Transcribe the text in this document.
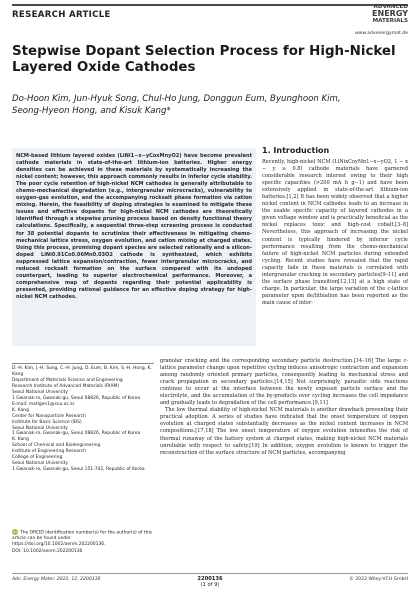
RESEARCH ARTICLE
ADVANCED
ENERGY
MATERIALS
www.advenergymat.de
Stepwise Dopant Selection Process for High-Nickel Layered Oxide Cathodes
Do-Hoon Kim, Jun-Hyuk Song, Chul-Ho Jung, Donggun Eum, Byunghoon Kim, Seong-Hyeon Hong, and Kisuk Kang*
NCM-based lithium layered oxides (LiNi1−x−yCoxMnyO2) have become prevalent cathode materials in state-of-the-art lithium-ion batteries. Higher energy densities can be achieved in these materials by systematically increasing the nickel content; however, this approach commonly results in inferior cycle stability. The poor cycle retention of high-nickel NCM cathodes is generally attributable to chemo-mechanical degradation (e.g., intergranular microcracks), vulnerability to oxygen-gas evolution, and the accompanying rocksalt phase formation via cation mixing. Herein, the feasibility of doping strategies is examined to mitigate these issues and effective dopants for high-nickel NCM cathodes are theoretically identified through a stepwise pruning process based on density functional theory calculations. Specifically, a sequential three-step screening process is conducted for 38 potential dopants to scrutinize their effectiveness in mitigating chemo-mechanical lattice stress, oxygen evolution, and cation mixing at charged states. Using this process, promising dopant species are selected rationally and a silicon-doped LiNi0.91Co0.06Mn0.03O2 cathode is synthesized, which exhibits suppressed lattice expansion/contraction, fewer intergranular microcracks, and reduced rocksalt formation on the surface compared with its undoped counterpart, leading to superior electrochemical performance. Moreover, a comprehensive map of dopants regarding their potential applicability is presented, providing rational guidance for an effective doping strategy for high-nickel NCM cathodes.
1. Introduction
Recently, high-nickel NCM (LiNixCoyMn1−x−yO2, 1 − x − y ≥ 0.8) cathode materials have garnered considerable research interest owing to their high specific capacities (>200 mA h g−1) and have been extensively applied in state-of-the-art lithium-ion batteries.[1,2] It has been widely observed that a higher nickel content in NCM cathodes leads to an increase in the usable specific capacity of layered cathodes in a given voltage window and is practically beneficial as the nickel replaces toxic and high-cost cobalt.[3–8] Nevertheless, this approach of increasing the nickel content is typically hindered by inferior cycle performance resulting from the chemo-mechanical failure of high-nickel NCM particles during extended cycling. Recent studies have revealed that the rapid capacity fade in these materials is correlated with intergranular cracking in secondary particles[9–11] and the surface phase transition[12,13] at a high state of charge. In particular, the large variation of the c-lattice parameter upon de/lithiation has been reported as the main cause of inter-
granular cracking and the corresponding secondary particle destruction.[14–16] The large c-lattice parameter change upon repetitive cycling induces anisotropic contraction and expansion among randomly oriented primary particles, consequently leading to mechanical stress and crack propagation in secondary particles.[14,15] Not surprisingly, parasitic side reactions continue to occur at the interface between the newly exposed particle surface and the electrolyte, and the accumulation of the by-products over cycling increases the cell impedance and gradually leads to degradation of the cell performance.[9,11]
 The low thermal stability of high-nickel NCM materials is another drawback preventing their practical adoption. A series of studies have indicated that the onset temperature of oxygen evolution at charged states substantially decreases as the nickel content increases in NCM compositions.[17,18] The low onset temperature of oxygen evolution intensifies the risk of thermal runaway of the battery system at charged states, making high-nickel NCM materials unreliable with respect to safety.[19] In addition, oxygen evolution is known to trigger the reconstruction of the surface structure of NCM particles, accompanying
D.-H. Kim, J.-H. Song, C.-H. Jung, D. Eum, B. Kim, S.-H. Hong, K. Kang
Department of Materials Science and Engineering
Research Institute of Advanced Materials (RIAM)
Seoul National University
1 Gwanak-ro, Gwanak-gu, Seoul 08826, Republic of Korea
E-mail: matlgen1@snu.ac.kr
K. Kang
Center for Nanoparticle Research
Institute for Basic Science (IBS)
Seoul National University
1 Gwanak-ro, Gwanak-gu, Seoul 08826, Republic of Korea
K. Kang
School of Chemical and Biolengineering
Institute of Engineering Research
College of Engineering
Seoul National University
1 Gwanak-ro, Gwanak-gu, Seoul 151-742, Republic of Korea
iD The ORCID identification number(s) for the author(s) of this article can be found under https://doi.org/10.1002/aenm.202200136.
DOI: 10.1002/aenm.202200136
Adv. Energy Mater. 2022, 12, 2200136	2200136
(1 of 9)
© 2022 Wiley-VCH GmbH
